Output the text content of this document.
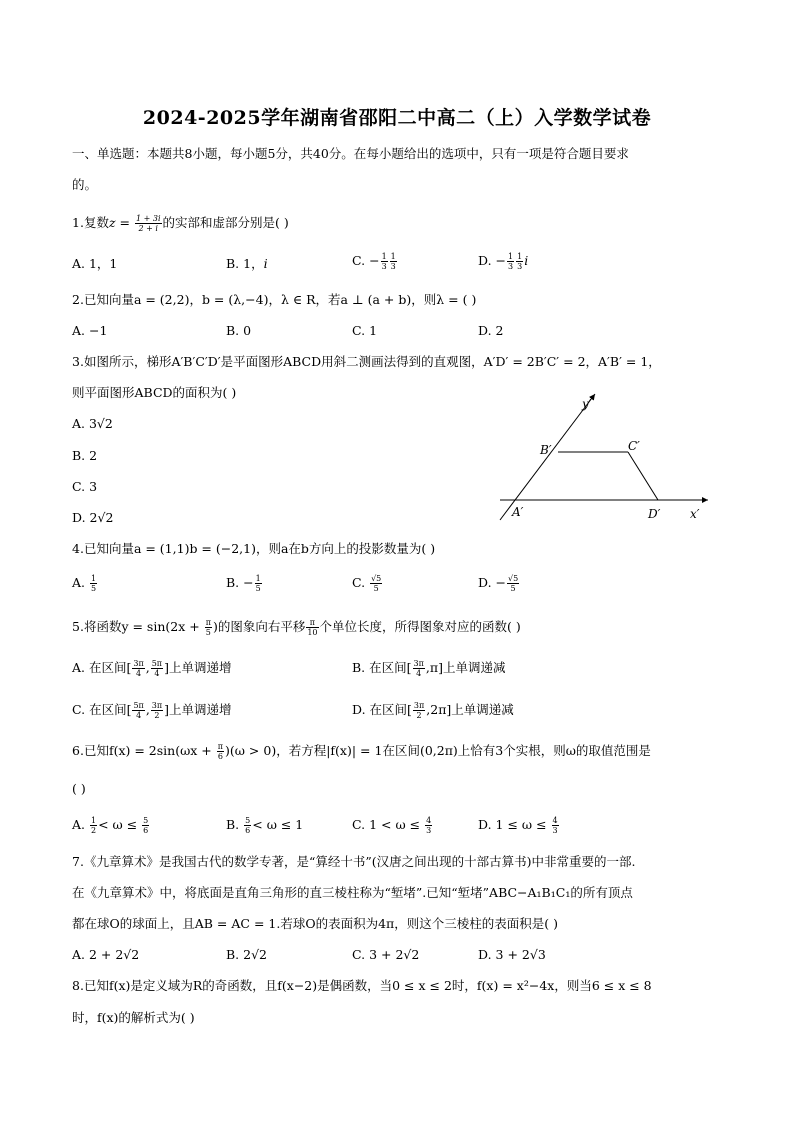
2024-2025学年湖南省邵阳二中高二（上）入学数学试卷
一、单选题：本题共8小题，每小题5分，共40分。在每小题给出的选项中，只有一项是符合题目要求
的。
1.复数$z = \frac{1 + 3i}{2 + i}$ 的实部和虚部分别是( )
A. 1，1	B. 1，i	C. − $\frac{1}{3} \frac{1}{3}$	D. − $\frac{1}{3} \frac{1}{3}$ i
2.已知向量a = (2,2)，b = (λ,−4)，λ ∈ R，若a ⊥ (a + b)，则λ = ( )
A. −1	B. 0	C. 1	D. 2
3.如图所示，梯形A′B′C′D′是平面图形ABCD用斜二测画法得到的直观图，A′D′ = 2B′C′ = 2，A′B′ = 1，
则平面图形ABCD的面积为( )
A. 3√2
B. 2
C. 3
D. 2√2
y′
B′	C′
A′	D′ x′
4.已知向量a = (1,1)b = (−2,1)，则a在b方向上的投影数量为( )
A. $\frac{1}{5}$	B. − $\frac{1}{5}$	C. $\frac{√5}{5}$	D. − $\frac{√5}{5}$
5.将函数$y = \sin(2x + \frac{\pi}{5}$ )的图象向右平移 $\frac{\pi}{10}$ 个单位长度，所得图象对应的函数( )
A. 在区间[ $\frac{3\pi}{4}$ , $\frac{5\pi}{4}$ ]上单调递增	B. 在区间[ $\frac{3\pi}{4} ,\pi$]上单调递减
C. 在区间[ $\frac{5\pi}{4}$ , $\frac{3\pi}{2}$ ]上单调递增	D. 在区间[ $\frac{3\pi}{2} ,2\pi$]上单调递减
6.已知$f(x) = 2\sin(\omega x + \frac{\pi}{6} )(\omega > 0)$，若方程|f(x)| = 1在区间(0,2π)上恰有3个实根，则ω的取值范围是
( )
A. $\frac{1}{2} < \omega \le \frac{5}{6}$	B. $\frac{5}{6} < \omega \le 1$	C. $1 < \omega \le \frac{4}{3}$	D. $1 \le \omega \le \frac{4}{3}$
7.《九章算术》是我国古代的数学专著，是“算经十书”(汉唐之间出现的十部古算书)中非常重要的一部.
在《九章算术》中，将底面是直角三角形的直三棱柱称为“堑堵”.已知“堑堵”ABC−A₁B₁C₁的所有顶点
都在球O的球面上，且AB = AC = 1.若球O的表面积为4π，则这个三棱柱的表面积是( )
A. 2 + 2√2	B. 2√2	C. 3 + 2√2	D. 3 + 2√3
8.已知f(x)是定义域为R的奇函数，且f(x−2)是偶函数，当0 ≤ x ≤ 2时，f(x) = x²−4x，则当6 ≤ x ≤ 8
时，f(x)的解析式为( )
